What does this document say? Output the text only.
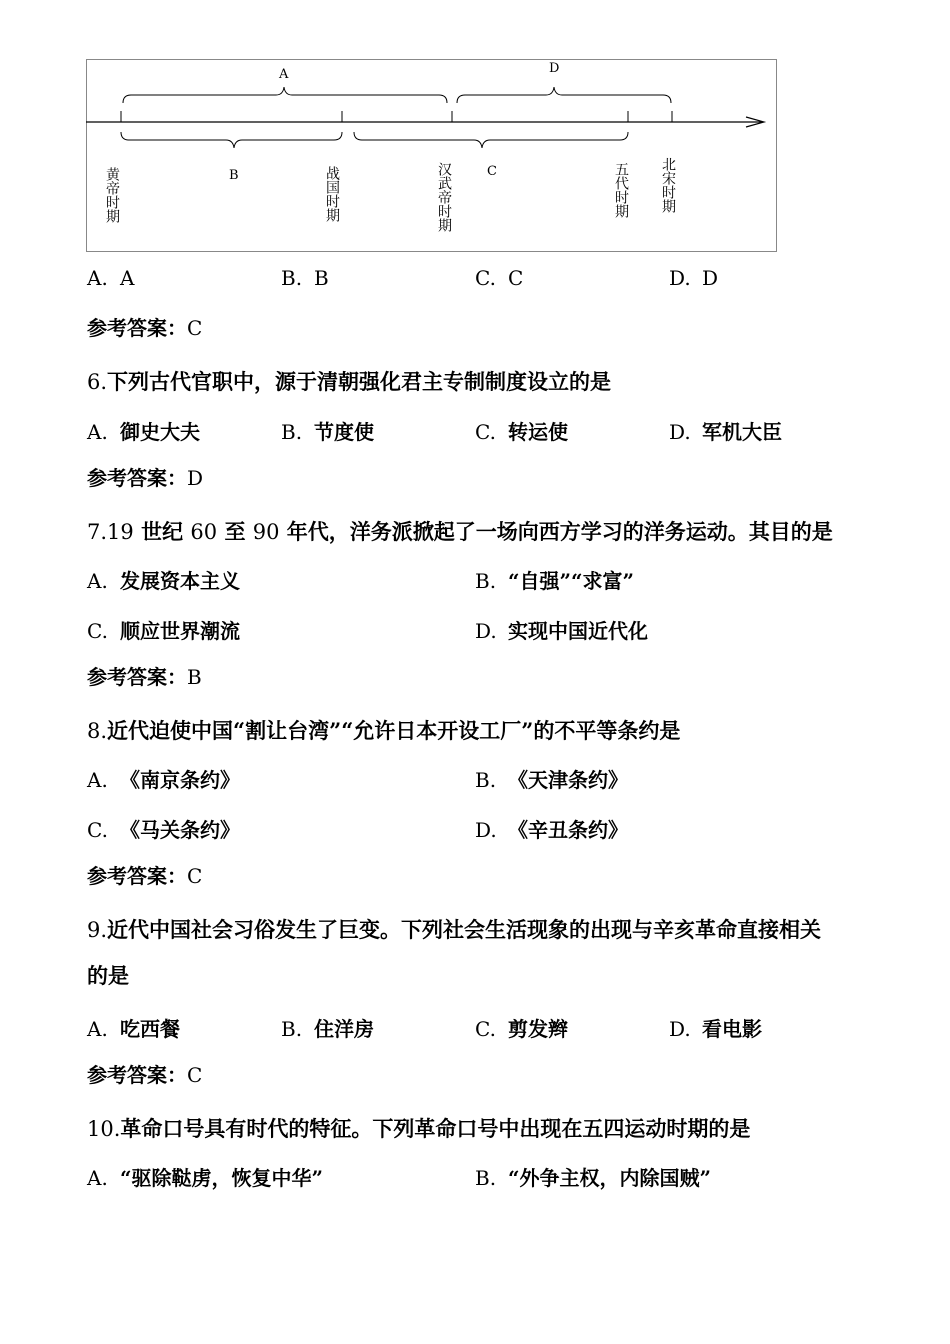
A	D
B	C
黄帝时期	战国时期	汉武帝时期	五代时期 北宋时期
A. A	B. B	C. C	D. D
参考答案：C
6.下列古代官职中，源于清朝强化君主专制制度设立的是
A. 御史大夫	B. 节度使	C. 转运使	D. 军机大臣
参考答案：D
7.19 世纪 60 至 90 年代，洋务派掀起了一场向西方学习的洋务运动。其目的是
A. 发展资本主义	B. “自强”“求富”
C. 顺应世界潮流	D. 实现中国近代化
参考答案：B
8.近代迫使中国“割让台湾”“允许日本开设工厂”的不平等条约是
A. 《南京条约》	B. 《天津条约》
C. 《马关条约》	D. 《辛丑条约》
参考答案：C
9.近代中国社会习俗发生了巨变。下列社会生活现象的出现与辛亥革命直接相关
的是
A. 吃西餐	B. 住洋房	C. 剪发辫	D. 看电影
参考答案：C
10.革命口号具有时代的特征。下列革命口号中出现在五四运动时期的是
A. “驱除鞑虏，恢复中华”	B. “外争主权，内除国贼”
